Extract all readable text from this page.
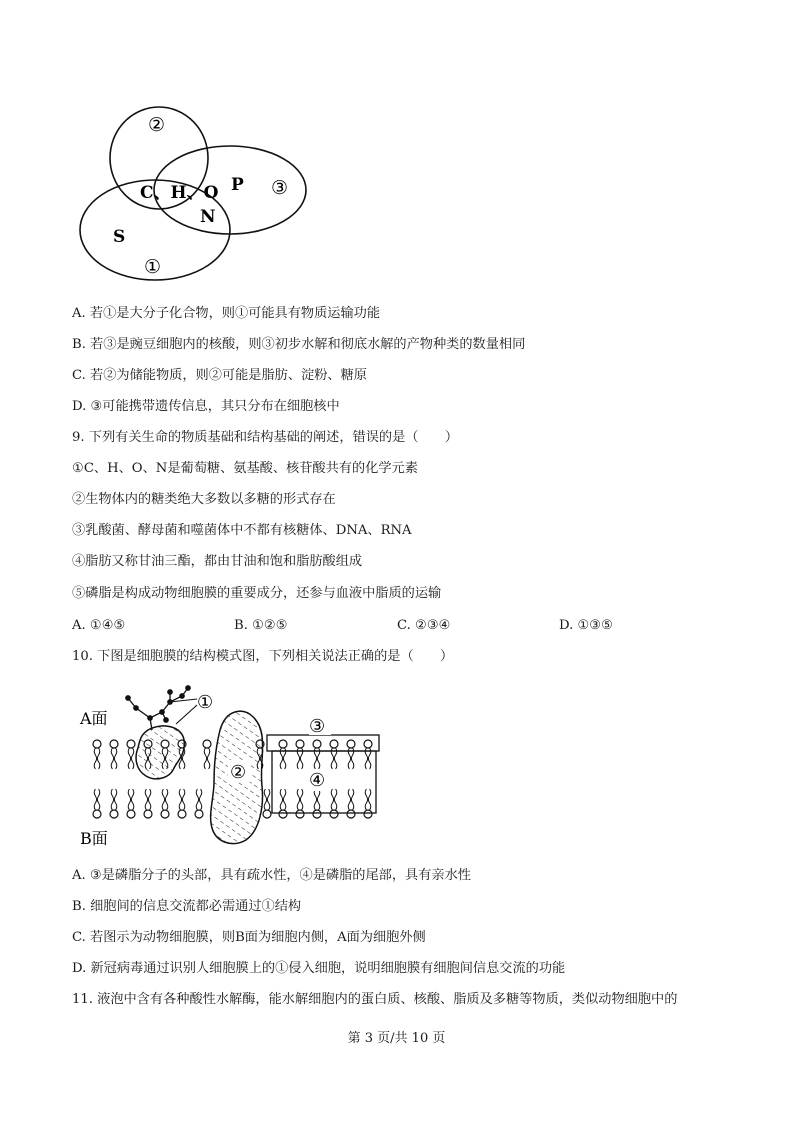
②
③
①
C、H、O P
N
S
A. 若①是大分子化合物，则①可能具有物质运输功能
B. 若③是豌豆细胞内的核酸，则③初步水解和彻底水解的产物种类的数量相同
C. 若②为储能物质，则②可能是脂肪、淀粉、糖原
D. ③可能携带遗传信息，其只分布在细胞核中
9. 下列有关生命的物质基础和结构基础的阐述，错误的是（　　）
①C、H、O、N是葡萄糖、氨基酸、核苷酸共有的化学元素
②生物体内的糖类绝大多数以多糖的形式存在
③乳酸菌、酵母菌和噬菌体中不都有核糖体、DNA、RNA
④脂肪又称甘油三酯，都由甘油和饱和脂肪酸组成
⑤磷脂是构成动物细胞膜的重要成分，还参与血液中脂质的运输
A. ①④⑤	B. ①②⑤	C. ②③④	D. ①③⑤
10. 下图是细胞膜的结构模式图，下列相关说法正确的是（　　）
①
②
③
④
A面
B面
A. ③是磷脂分子的头部，具有疏水性，④是磷脂的尾部，具有亲水性
B. 细胞间的信息交流都必需通过①结构
C. 若图示为动物细胞膜，则B面为细胞内侧，A面为细胞外侧
D. 新冠病毒通过识别人细胞膜上的①侵入细胞，说明细胞膜有细胞间信息交流的功能
11. 液泡中含有各种酸性水解酶，能水解细胞内的蛋白质、核酸、脂质及多糖等物质，类似动物细胞中的
第 3 页/共 10 页
